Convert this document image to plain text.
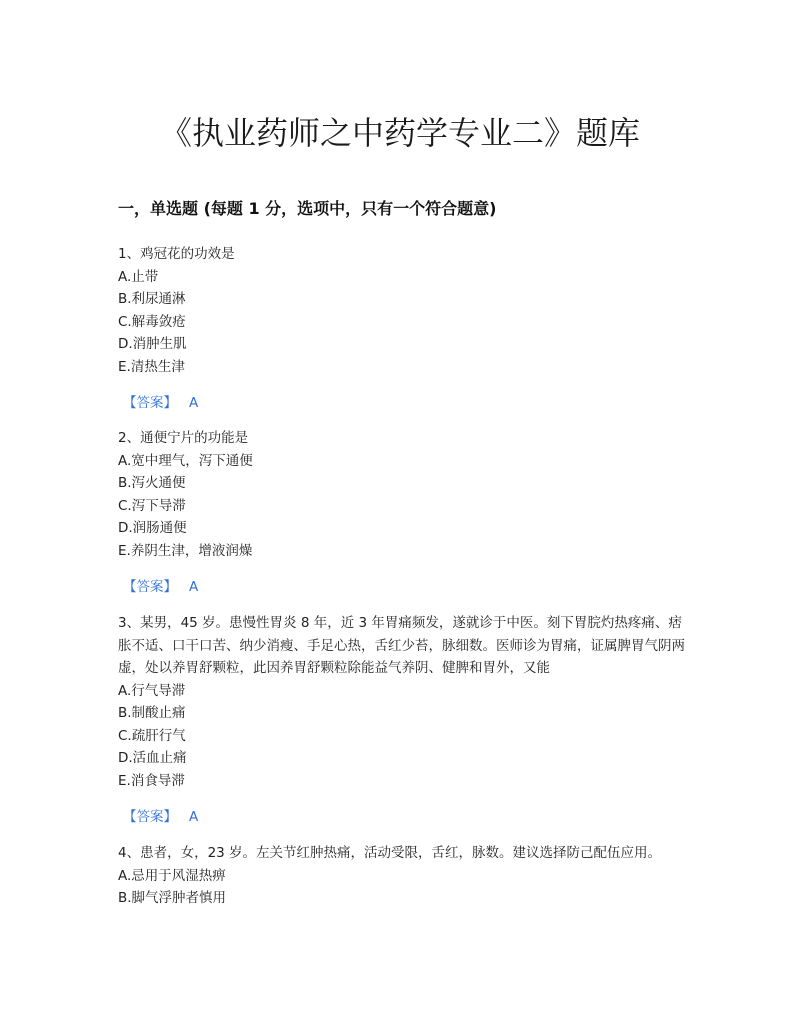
《执业药师之中药学专业二》题库
一，单选题 (每题 1 分，选项中，只有一个符合题意)

1、鸡冠花的功效是

A.止带

B.利尿通淋

C.解毒敛疮

D.消肿生肌

E.清热生津

【答案】 A

2、通便宁片的功能是

A.宽中理气，泻下通便

B.泻火通便

C.泻下导滞

D.润肠通便

E.养阴生津，增液润燥

【答案】 A

3、某男，45 岁。患慢性胃炎 8 年，近 3 年胃痛频发，遂就诊于中医。刻下胃脘灼热疼痛、痞胀不适、口干口苦、纳少消瘦、手足心热，舌红少苔，脉细数。医师诊为胃痛，证属脾胃气阴两虚，处以养胃舒颗粒，此因养胃舒颗粒除能益气养阴、健脾和胃外，又能

A.行气导滞

B.制酸止痛

C.疏肝行气

D.活血止痛

E.消食导滞

【答案】 A

4、患者，女，23 岁。左关节红肿热痛，活动受限，舌红，脉数。建议选择防己配伍应用。

A.忌用于风湿热痹

B.脚气浮肿者慎用
